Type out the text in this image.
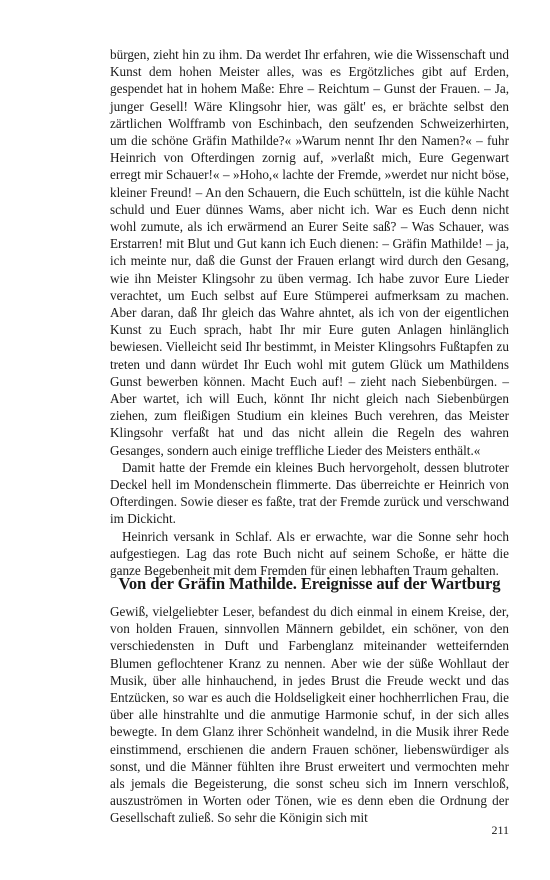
bürgen, zieht hin zu ihm. Da werdet Ihr erfahren, wie die Wissenschaft und Kunst dem hohen Meister alles, was es Ergötzliches gibt auf Erden, gespendet hat in hohem Maße: Ehre – Reichtum – Gunst der Frauen. – Ja, junger Gesell! Wäre Klingsohr hier, was gält' es, er brächte selbst den zärtlichen Wolfframb von Eschinbach, den seufzenden Schweizerhirten, um die schöne Gräfin Mathilde?« »Warum nennt Ihr den Namen?« – fuhr Heinrich von Ofterdingen zornig auf, »verlaßt mich, Eure Gegenwart erregt mir Schauer!« – »Hoho,« lachte der Fremde, »werdet nur nicht böse, kleiner Freund! – An den Schauern, die Euch schütteln, ist die kühle Nacht schuld und Euer dünnes Wams, aber nicht ich. War es Euch denn nicht wohl zumute, als ich erwärmend an Eurer Seite saß? – Was Schauer, was Erstarren! mit Blut und Gut kann ich Euch dienen: – Gräfin Mathilde! – ja, ich meinte nur, daß die Gunst der Frauen erlangt wird durch den Gesang, wie ihn Meister Klingsohr zu üben vermag. Ich habe zuvor Eure Lieder verachtet, um Euch selbst auf Eure Stümperei aufmerksam zu machen. Aber daran, daß Ihr gleich das Wahre ahntet, als ich von der eigentlichen Kunst zu Euch sprach, habt Ihr mir Eure guten Anlagen hinlänglich bewiesen. Vielleicht seid Ihr bestimmt, in Meister Klingsohrs Fußtapfen zu treten und dann würdet Ihr Euch wohl mit gutem Glück um Mathildens Gunst bewerben können. Macht Euch auf! – zieht nach Siebenbürgen. – Aber wartet, ich will Euch, könnt Ihr nicht gleich nach Siebenbürgen ziehen, zum fleißigen Studium ein kleines Buch verehren, das Meister Klingsohr verfaßt hat und das nicht allein die Regeln des wahren Gesanges, sondern auch einige treffliche Lieder des Meisters enthält.«

Damit hatte der Fremde ein kleines Buch hervorgeholt, dessen blutroter Deckel hell im Mondenschein flimmerte. Das überreichte er Heinrich von Ofterdingen. Sowie dieser es faßte, trat der Fremde zurück und verschwand im Dickicht.

Heinrich versank in Schlaf. Als er erwachte, war die Sonne sehr hoch aufgestiegen. Lag das rote Buch nicht auf seinem Schoße, er hätte die ganze Begebenheit mit dem Fremden für einen lebhaften Traum gehalten.

Von der Gräfin Mathilde. Ereignisse auf der Wartburg

Gewiß, vielgeliebter Leser, befandest du dich einmal in einem Kreise, der, von holden Frauen, sinnvollen Männern gebildet, ein schöner, von den verschiedensten in Duft und Farbenglanz miteinander wetteifernden Blumen geflochtener Kranz zu nennen. Aber wie der süße Wohllaut der Musik, über alle hinhauchend, in jedes Brust die Freude weckt und das Entzücken, so war es auch die Holdseligkeit einer hochherrlichen Frau, die über alle hinstrahlte und die anmutige Harmonie schuf, in der sich alles bewegte. In dem Glanz ihrer Schönheit wandelnd, in die Musik ihrer Rede einstimmend, erschienen die andern Frauen schöner, liebenswürdiger als sonst, und die Männer fühlten ihre Brust erweitert und vermochten mehr als jemals die Begeisterung, die sonst scheu sich im Innern verschloß, auszuströmen in Worten oder Tönen, wie es denn eben die Ordnung der Gesellschaft zuließ. So sehr die Königin sich mit

211
